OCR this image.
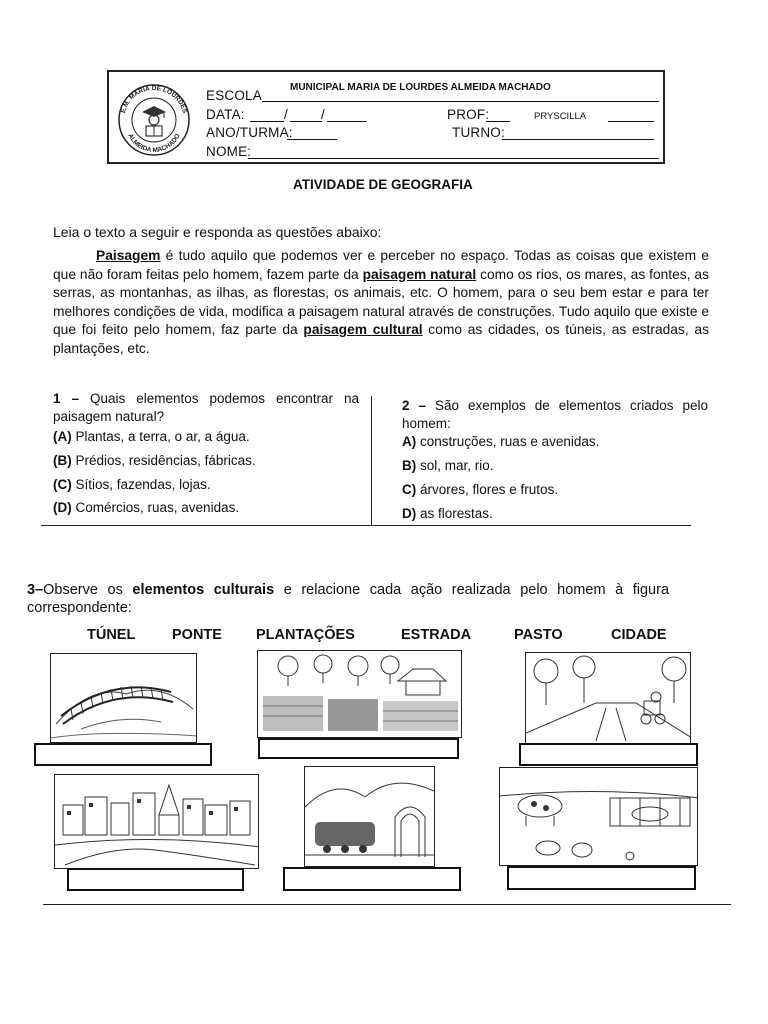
E.M. MARIA DE LOURDES
ALMEIDA MACHADO
ESCOLA
MUNICIPAL MARIA DE LOURDES ALMEIDA MACHADO
DATA:	/ /	PROF:	PRYSCILLA
ANO/TURMA:	TURNO:
NOME:
ATIVIDADE DE GEOGRAFIA
Leia o texto a seguir e responda as questões abaixo:
Paisagem é tudo aquilo que podemos ver e perceber no espaço. Todas as coisas que existem e que não foram feitas pelo homem, fazem parte da paisagem natural como os rios, os mares, as fontes, as serras, as montanhas, as ilhas, as florestas, os animais, etc. O homem, para o seu bem estar e para ter melhores condições de vida, modifica a paisagem natural através de construções. Tudo aquilo que existe e que foi feito pelo homem, faz parte da paisagem cultural como as cidades, os túneis, as estradas, as plantações, etc.
1 – Quais elementos podemos encontrar na paisagem natural?
(A) Plantas, a terra, o ar, a água.
(B) Prédios, residências, fábricas.
(C) Sítios, fazendas, lojas.
(D) Comércios, ruas, avenidas.
2 – São exemplos de elementos criados pelo homem:
A) construções, ruas e avenidas.
B) sol, mar, rio.
C) árvores, flores e frutos.
D) as florestas.
3–Observe os elementos culturais e relacione cada ação realizada pelo homem à figura correspondente:
TÚNEL	PONTE PLANTAÇÕES	ESTRADA	PASTO	CIDADE
